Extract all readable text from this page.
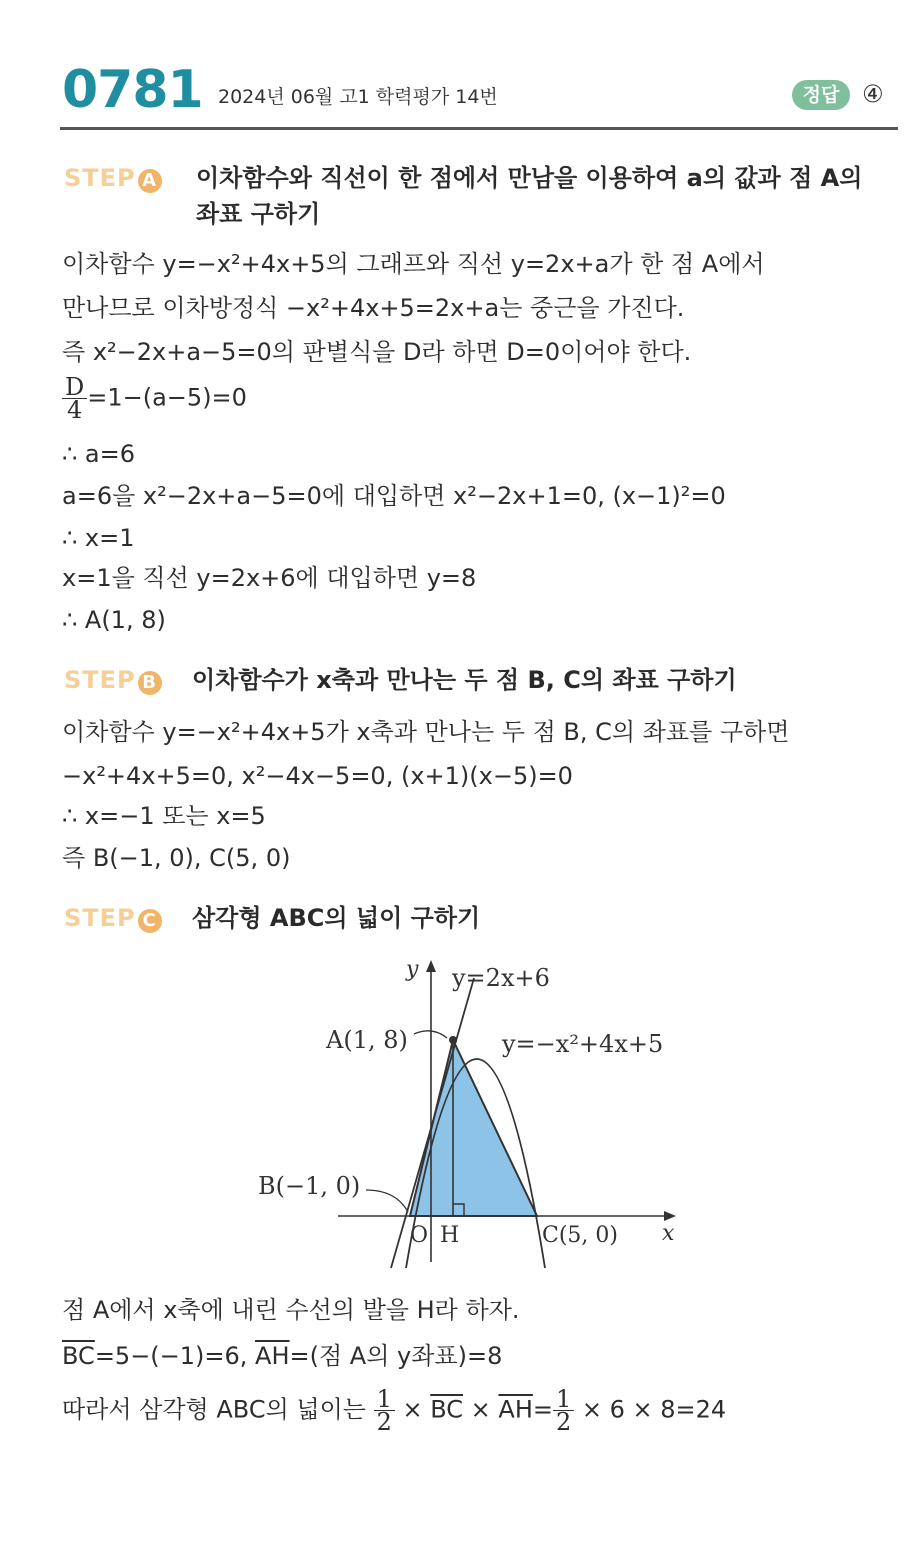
0781 2024년 06월 고1 학력평가 14번	정답 ④
STEP A 이차함수와 직선이 한 점에서 만남을 이용하여 a의 값과 점 A의
좌표 구하기
이차함수 y=−x²+4x+5의 그래프와 직선 y=2x+a가 한 점 A에서
만나므로 이차방정식 −x²+4x+5=2x+a는 중근을 가진다.
즉 x²−2x+a−5=0의 판별식을 D라 하면 D=0이어야 한다.
$\frac{D}{4} =1-(a-5)=0$
∴ a=6
a=6을 x²−2x+a−5=0에 대입하면 x²−2x+1=0, (x−1)²=0
∴ x=1
x=1을 직선 y=2x+6에 대입하면 y=8
∴ A(1, 8)
STEP B 이차함수가 x축과 만나는 두 점 B, C의 좌표 구하기
이차함수 y=−x²+4x+5가 x축과 만나는 두 점 B, C의 좌표를 구하면
−x²+4x+5=0, x²−4x−5=0, (x+1)(x−5)=0
∴ x=−1 또는 x=5
즉 B(−1, 0), C(5, 0)
STEP C 삼각형 ABC의 넓이 구하기
y
x
y=2x+6
y=−x²+4x+5
A(1, 8)
B(−1, 0)
O H	C(5, 0)
점 A에서 x축에 내린 수선의 발을 H라 하자.
$\overline{BC}=5-(-1)=6$, $\overline{AH}=$(점 A의 y좌표)=8
따라서 삼각형 ABC의 넓이는 $\frac{1}{2} \times \overline{BC} \times \overline{AH}= \frac{1}{2} \times 6 \times 8=24$
